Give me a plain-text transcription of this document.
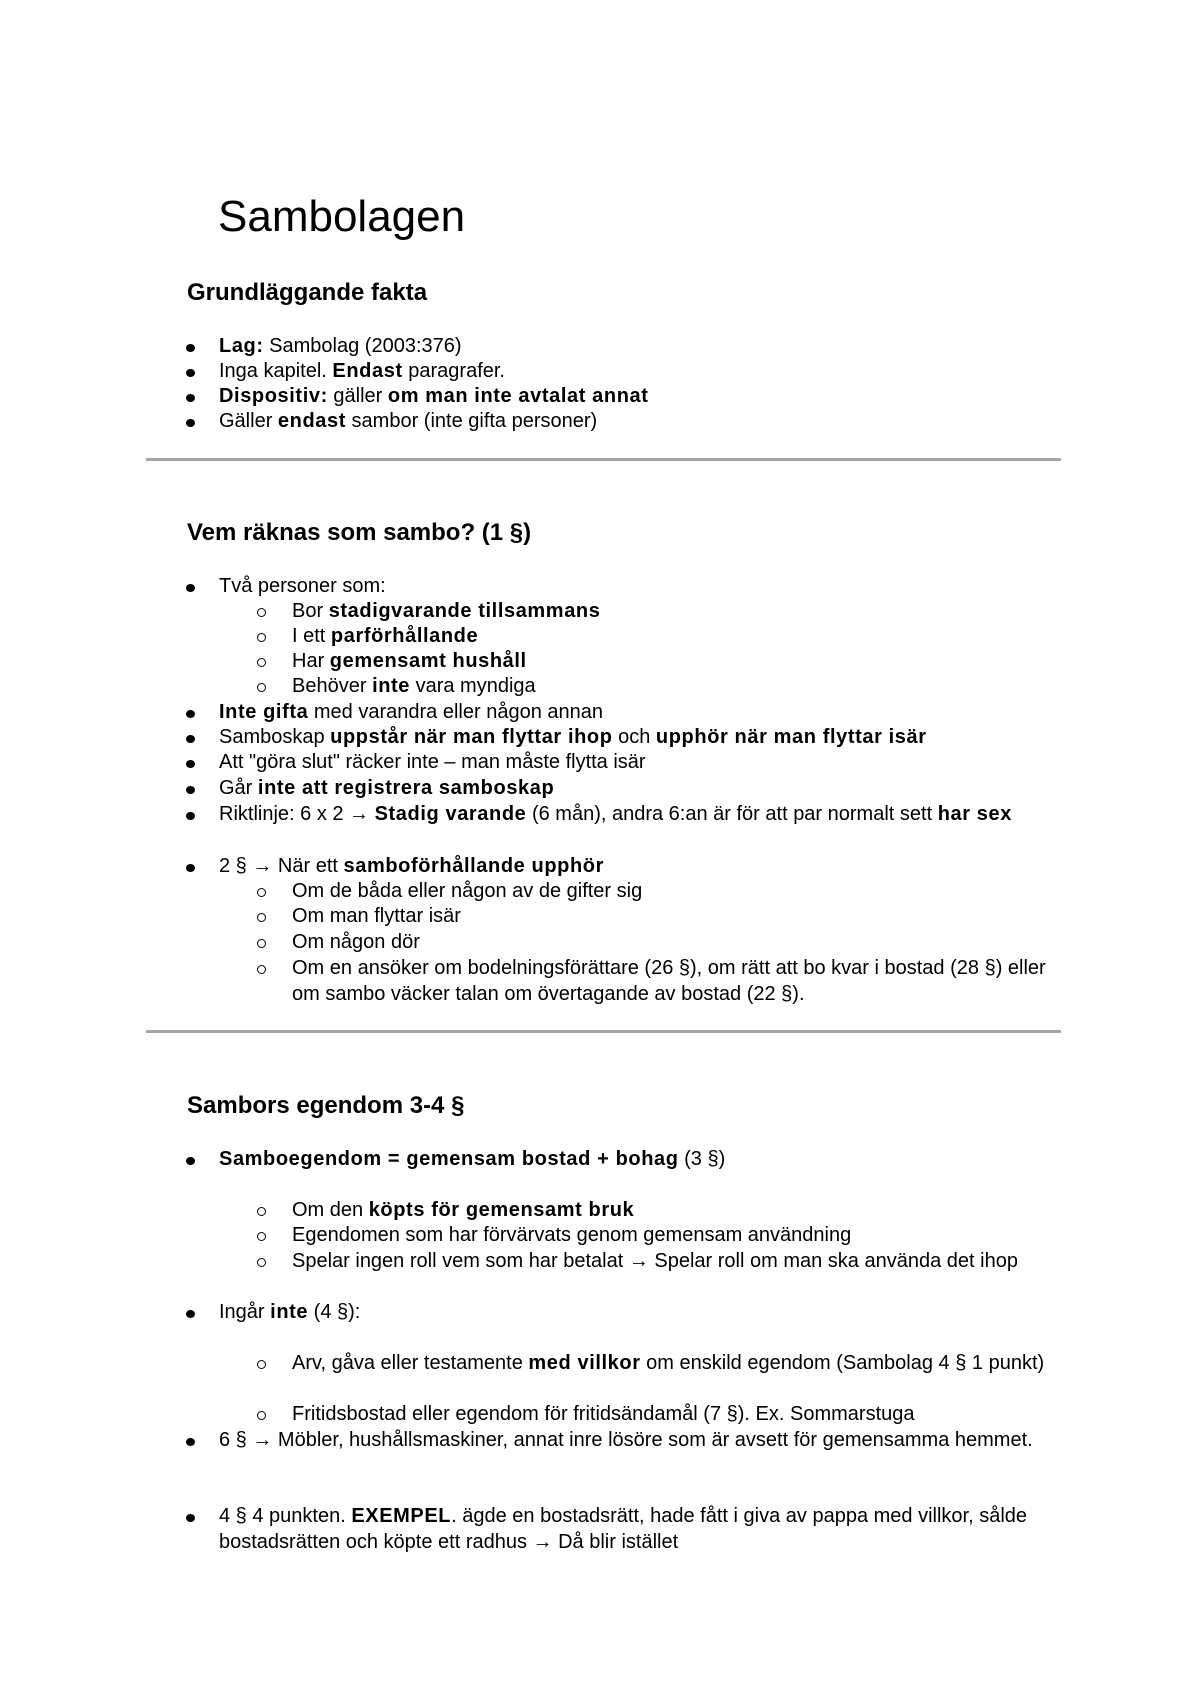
Sambolagen
Grundläggande fakta
Lag: Sambolag (2003:376)
Inga kapitel. Endast paragrafer.
Dispositiv: gäller om man inte avtalat annat
Gäller endast sambor (inte gifta personer)
Vem räknas som sambo? (1 §)
Två personer som:
Bor stadigvarande tillsammans
I ett parförhållande
Har gemensamt hushåll
Behöver inte vara myndiga
Inte gifta med varandra eller någon annan
Samboskap uppstår när man flyttar ihop och upphör när man flyttar isär
Att "göra slut" räcker inte – man måste flytta isär
Går inte att registrera samboskap
Riktlinje: 6 x 2 → Stadig varande (6 mån), andra 6:an är för att par normalt sett har sex
2 § → När ett samboförhållande upphör
Om de båda eller någon av de gifter sig
Om man flyttar isär
Om någon dör
Om en ansöker om bodelningsförättare (26 §), om rätt att bo kvar i bostad (28 §) eller om sambo väcker talan om övertagande av bostad (22 §).
Sambors egendom 3-4 §
Samboegendom = gemensam bostad + bohag (3 §)
Om den köpts för gemensamt bruk
Egendomen som har förvärvats genom gemensam användning
Spelar ingen roll vem som har betalat → Spelar roll om man ska använda det ihop
Ingår inte (4 §):
Arv, gåva eller testamente med villkor om enskild egendom (Sambolag 4 § 1 punkt)
Fritidsbostad eller egendom för fritidsändamål (7 §). Ex. Sommarstuga
6 § → Möbler, hushållsmaskiner, annat inre lösöre som är avsett för gemensamma hemmet.
4 § 4 punkten. EXEMPEL. ägde en bostadsrätt, hade fått i giva av pappa med villkor, sålde bostadsrätten och köpte ett radhus → Då blir istället
